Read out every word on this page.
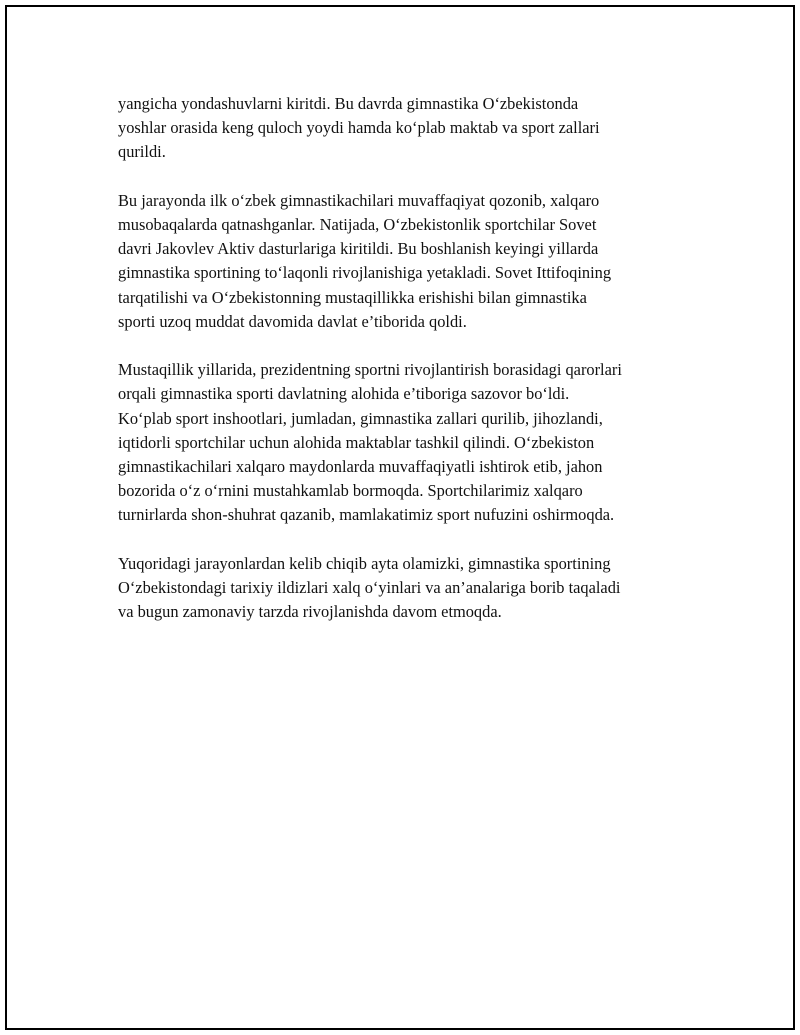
yangicha yondashuvlarni kiritdi. Bu davrda gimnastika O‘zbekistonda
yoshlar orasida keng quloch yoydi hamda ko‘plab maktab va sport zallari
qurildi.

Bu jarayonda ilk o‘zbek gimnastikachilari muvaffaqiyat qozonib, xalqaro
musobaqalarda qatnashganlar. Natijada, O‘zbekistonlik sportchilar Sovet
davri Jakovlev Aktiv dasturlariga kiritildi. Bu boshlanish keyingi yillarda
gimnastika sportining to‘laqonli rivojlanishiga yetakladi. Sovet Ittifoqining
tarqatilishi va O‘zbekistonning mustaqillikka erishishi bilan gimnastika
sporti uzoq muddat davomida davlat e’tiborida qoldi.

Mustaqillik yillarida, prezidentning sportni rivojlantirish borasidagi qarorlari
orqali gimnastika sporti davlatning alohida e’tiboriga sazovor bo‘ldi.
Ko‘plab sport inshootlari, jumladan, gimnastika zallari qurilib, jihozlandi,
iqtidorli sportchilar uchun alohida maktablar tashkil qilindi. O‘zbekiston
gimnastikachilari xalqaro maydonlarda muvaffaqiyatli ishtirok etib, jahon
bozorida o‘z o‘rnini mustahkamlab bormoqda. Sportchilarimiz xalqaro
turnirlarda shon-shuhrat qazanib, mamlakatimiz sport nufuzini oshirmoqda.

Yuqoridagi jarayonlardan kelib chiqib ayta olamizki, gimnastika sportining
O‘zbekistondagi tarixiy ildizlari xalq o‘yinlari va an’analariga borib taqaladi
va bugun zamonaviy tarzda rivojlanishda davom etmoqda.
